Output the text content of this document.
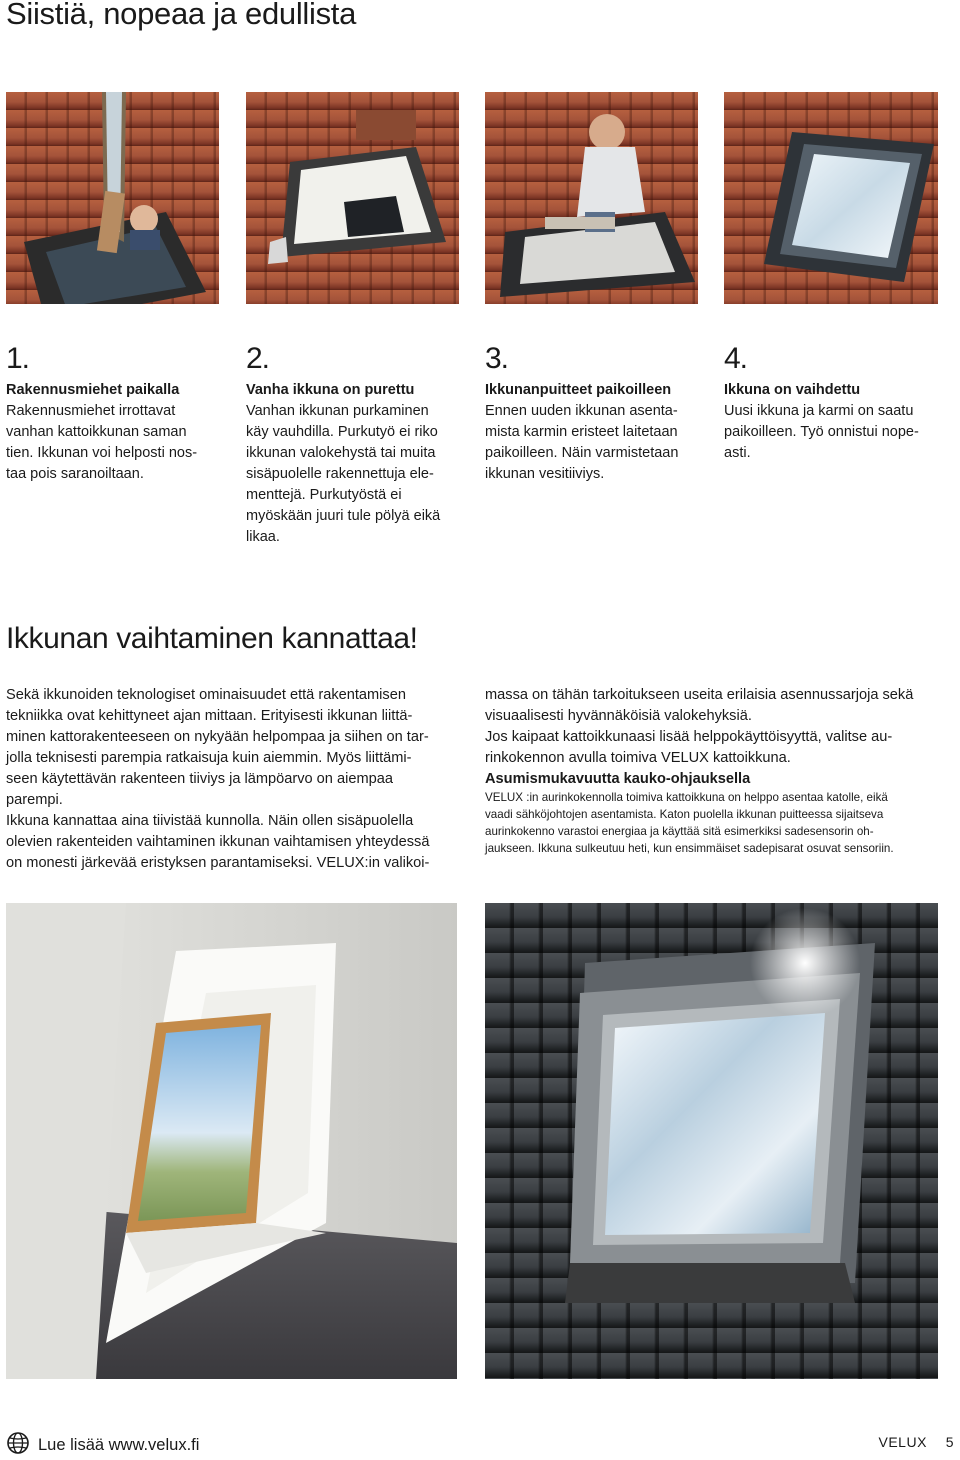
Siistiä, nopeaa ja edullista

1.

Rakennusmiehet paikalla

Rakennusmiehet irrottavat
vanhan kattoikkunan saman
tien. Ikkunan voi helposti nos-
taa pois saranoiltaan.

2.

Vanha ikkuna on purettu

Vanhan ikkunan purkaminen
käy vauhdilla. Purkutyö ei riko
ikkunan valokehystä tai muita
sisäpuolelle rakennettuja ele-
menttejä. Purkutyöstä ei
myöskään juuri tule pölyä eikä
likaa.

3.

Ikkunanpuitteet paikoilleen

Ennen uuden ikkunan asenta-
mista karmin eristeet laitetaan
paikoilleen. Näin varmistetaan
ikkunan vesitiiviys.

4.

Ikkuna on vaihdettu

Uusi ikkuna ja karmi on saatu
paikoilleen. Työ onnistui nope-
asti.

Ikkunan vaihtaminen kannattaa!

Sekä ikkunoiden teknologiset ominaisuudet että rakentamisen
tekniikka ovat kehittyneet ajan mittaan. Erityisesti ikkunan liittä-
minen kattorakenteeseen on nykyään helpompaa ja siihen on tar-
jolla teknisesti parempia ratkaisuja kuin aiemmin. Myös liittämi-
seen käytettävän rakenteen tiiviys ja lämpöarvo on aiempaa
parempi.
Ikkuna kannattaa aina tiivistää kunnolla. Näin ollen sisäpuolella
olevien rakenteiden vaihtaminen ikkunan vaihtamisen yhteydessä
on monesti järkevää eristyksen parantamiseksi. VELUX:in valikoi-

massa on tähän tarkoitukseen useita erilaisia asennussarjoja sekä
visuaalisesti hyvännäköisiä valokehyksiä.
Jos kaipaat kattoikkunaasi lisää helppokäyttöisyyttä, valitse au-
rinkokennon avulla toimiva VELUX kattoikkuna.

Asumismukavuutta kauko-ohjauksella

VELUX :in aurinkokennolla toimiva kattoikkuna on helppo asentaa katolle, eikä
vaadi sähköjohtojen asentamista. Katon puolella ikkunan puitteessa sijaitseva
aurinkokenno varastoi energiaa ja käyttää sitä esimerkiksi sadesensorin oh-
jaukseen. Ikkuna sulkeutuu heti, kun ensimmäiset sadepisarat osuvat sensoriin.

Lue lisää www.velux.fi	VELUX 5
